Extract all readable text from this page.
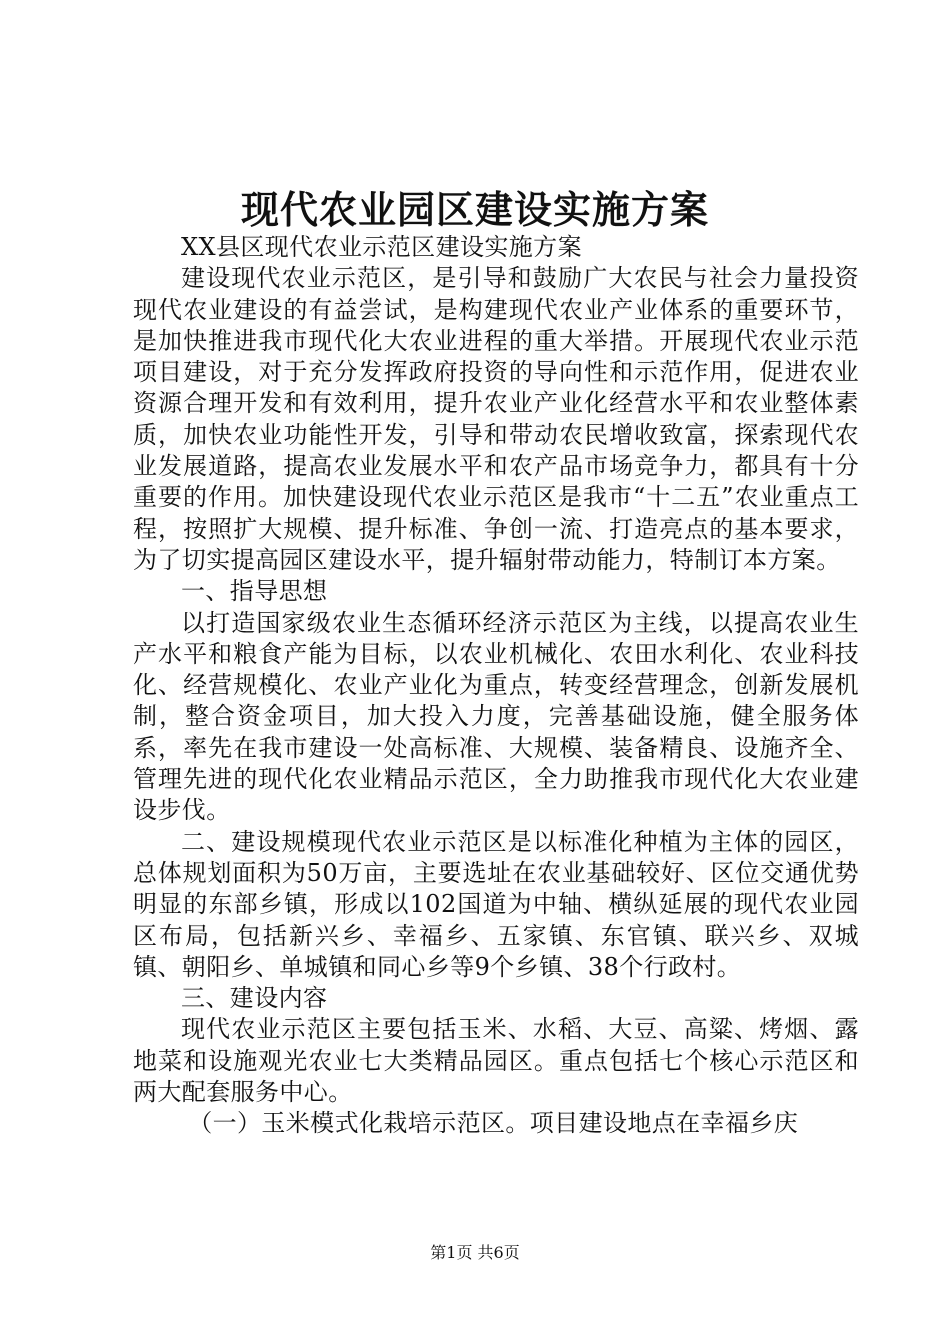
现代农业园区建设实施方案

XX县区现代农业示范区建设实施方案

建设现代农业示范区，是引导和鼓励广大农民与社会力量投资现代农业建设的有益尝试，是构建现代农业产业体系的重要环节，是加快推进我市现代化大农业进程的重大举措。开展现代农业示范项目建设，对于充分发挥政府投资的导向性和示范作用，促进农业资源合理开发和有效利用，提升农业产业化经营水平和农业整体素质，加快农业功能性开发，引导和带动农民增收致富，探索现代农业发展道路，提高农业发展水平和农产品市场竞争力，都具有十分重要的作用。加快建设现代农业示范区是我市“十二五”农业重点工程，按照扩大规模、提升标准、争创一流、打造亮点的基本要求，为了切实提高园区建设水平，提升辐射带动能力，特制订本方案。

一、指导思想

以打造国家级农业生态循环经济示范区为主线，以提高农业生产水平和粮食产能为目标，以农业机械化、农田水利化、农业科技化、经营规模化、农业产业化为重点，转变经营理念，创新发展机制，整合资金项目，加大投入力度，完善基础设施，健全服务体系，率先在我市建设一处高标准、大规模、装备精良、设施齐全、管理先进的现代化农业精品示范区，全力助推我市现代化大农业建设步伐。

二、建设规模现代农业示范区是以标准化种植为主体的园区，总体规划面积为50万亩，主要选址在农业基础较好、区位交通优势明显的东部乡镇，形成以102国道为中轴、横纵延展的现代农业园区布局，包括新兴乡、幸福乡、五家镇、东官镇、联兴乡、双城镇、朝阳乡、单城镇和同心乡等9个乡镇、38个行政村。

三、建设内容

现代农业示范区主要包括玉米、水稻、大豆、高粱、烤烟、露地菜和设施观光农业七大类精品园区。重点包括七个核心示范区和两大配套服务中心。

（一）玉米模式化栽培示范区。项目建设地点在幸福乡庆

第1页 共6页
